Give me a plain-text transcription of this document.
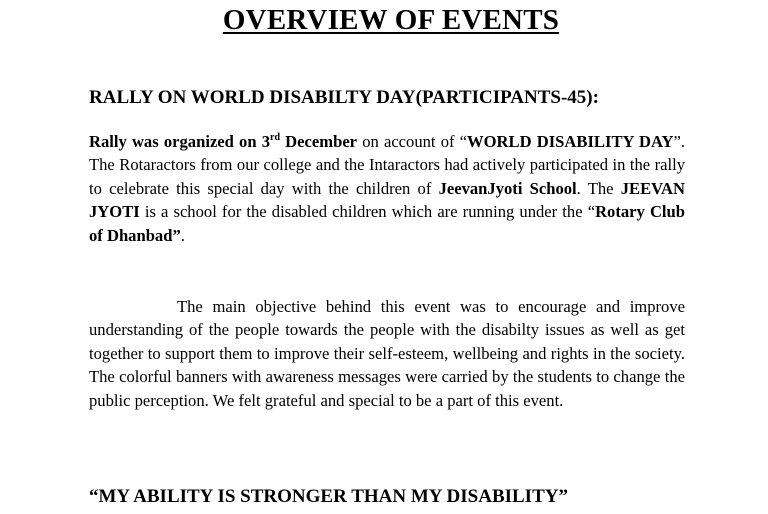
OVERVIEW OF EVENTS
RALLY ON WORLD DISABILTY DAY(PARTICIPANTS-45):

Rally was organized on 3rd December on account of “WORLD DISABILITY DAY”. The Rotaractors from our college and the Intaractors had actively participated in the rally to celebrate this special day with the children of JeevanJyoti School. The JEEVAN JYOTI is a school for the disabled children which are running under the “Rotary Club of Dhanbad”.

The main objective behind this event was to encourage and improve understanding of the people towards the people with the disabilty issues as well as get together to support them to improve their self-esteem, wellbeing and rights in the society. The colorful banners with awareness messages were carried by the students to change the public perception. We felt grateful and special to be a part of this event.

“MY ABILITY IS STRONGER THAN MY DISABILITY”
